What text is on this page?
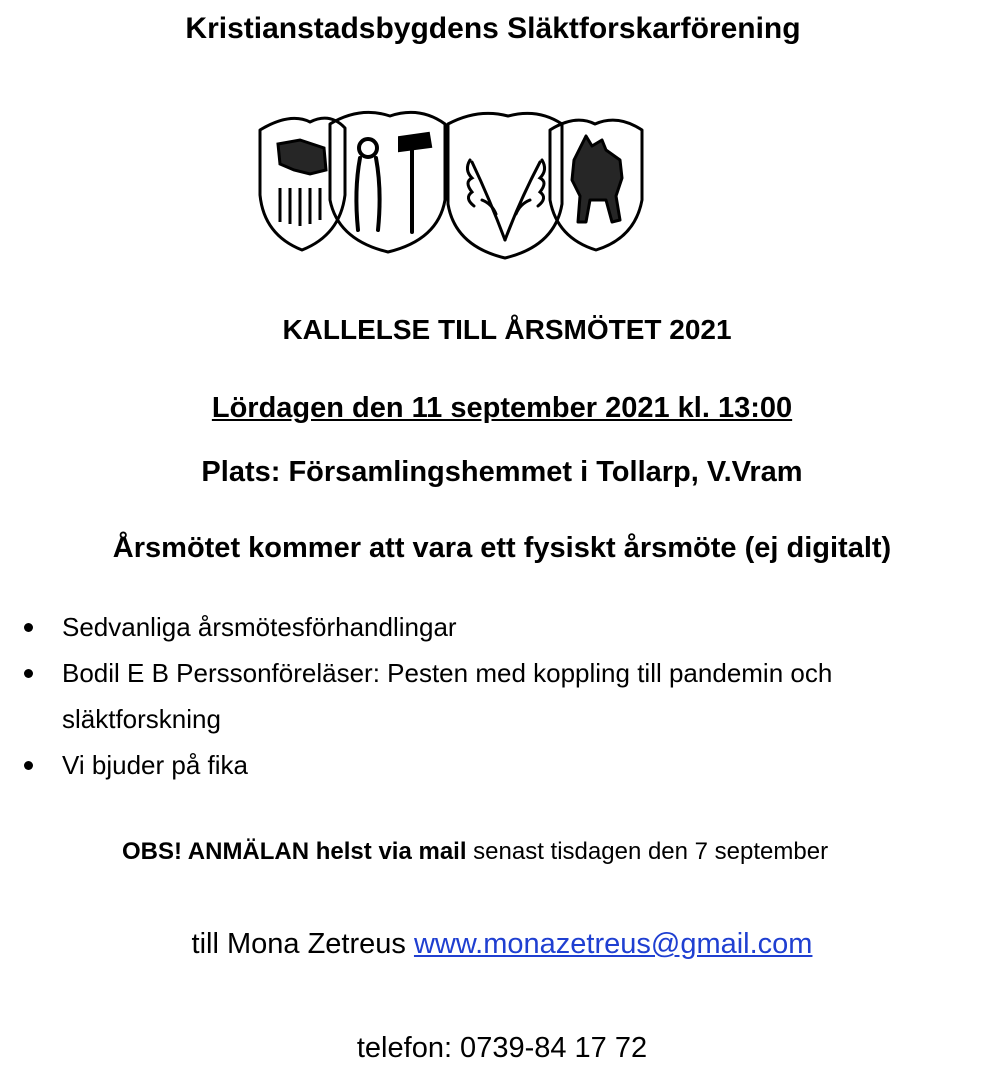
Kristianstadsbygdens Släktforskarförening
KALLELSE TILL ÅRSMÖTET 2021
Lördagen den 11 september 2021 kl. 13:00
Plats: Församlingshemmet i Tollarp, V.Vram
Årsmötet kommer att vara ett fysiskt årsmöte (ej digitalt)
Sedvanliga årsmötesförhandlingar
Bodil E B Perssonföreläser: Pesten med koppling till pandemin och släktforskning
Vi bjuder på fika
OBS! ANMÄLAN helst via mail senast tisdagen den 7 september
till Mona Zetreus www.monazetreus@gmail.com
telefon: 0739-84 17 72
